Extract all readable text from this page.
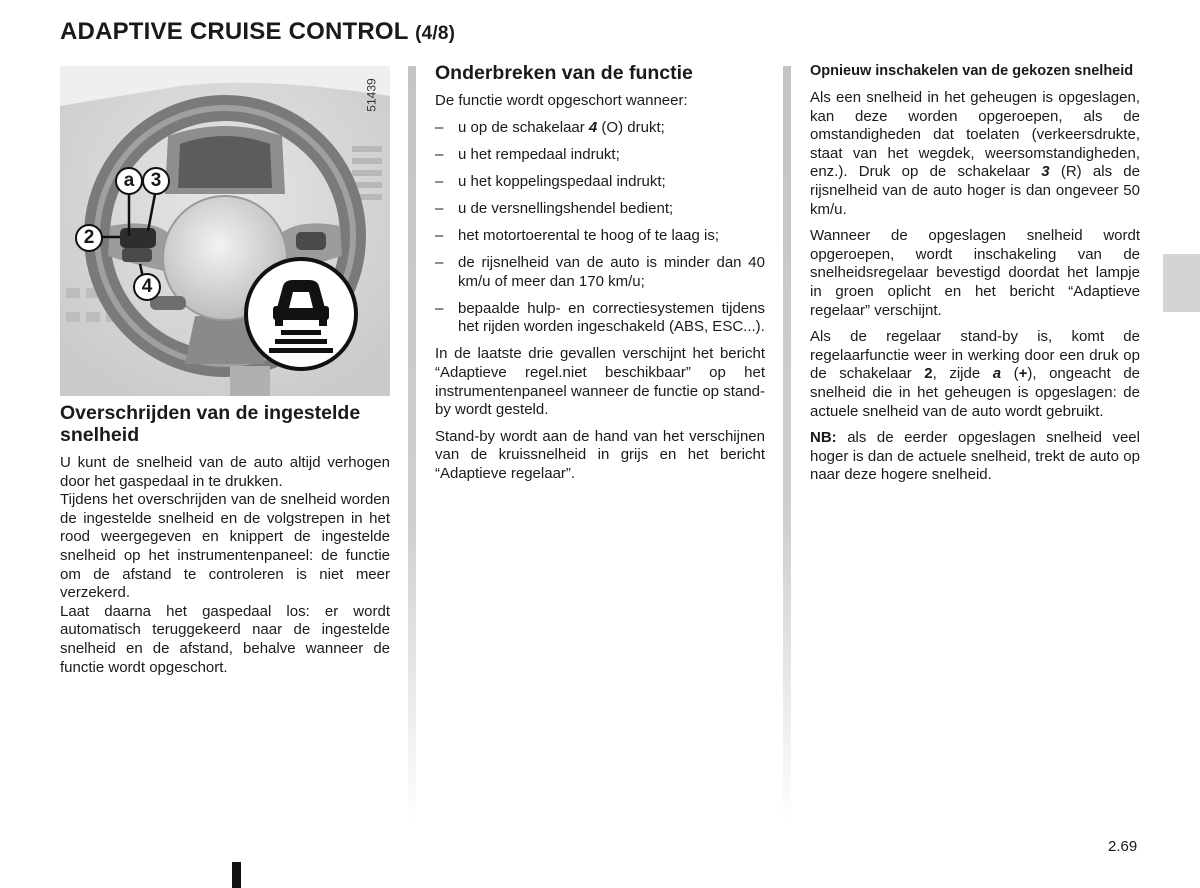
ADAPTIVE CRUISE CONTROL (4/8)
a 3
2
4
51439
Overschrijden van de ingestelde snelheid

U kunt de snelheid van de auto altijd verhogen door het gaspedaal in te drukken.

Tijdens het overschrijden van de snelheid worden de ingestelde snelheid en de volgstrepen in het rood weergegeven en knippert de ingestelde snelheid op het instrumentenpaneel: de functie om de afstand te controleren is niet meer verzekerd.

Laat daarna het gaspedaal los: er wordt automatisch teruggekeerd naar de ingestelde snelheid en de afstand, behalve wanneer de functie wordt opgeschort.

Onderbreken van de functie

De functie wordt opgeschort wanneer:

– u op de schakelaar 4 (O) drukt;
– u het rempedaal indrukt;
– u het koppelingspedaal indrukt;
– u de versnellingshendel bedient;
– het motortoerental te hoog of te laag is;
– de rijsnelheid van de auto is minder dan 40 km/u of meer dan 170 km/u;
– bepaalde hulp- en correctiesystemen tijdens het rijden worden ingeschakeld (ABS, ESC...).

In de laatste drie gevallen verschijnt het bericht “Adaptieve regel.niet beschikbaar” op het instrumentenpaneel wanneer de functie op stand-by wordt gesteld.

Stand-by wordt aan de hand van het verschijnen van de kruissnelheid in grijs en het bericht “Adaptieve regelaar”.

Opnieuw inschakelen van de gekozen snelheid

Als een snelheid in het geheugen is opgeslagen, kan deze worden opgeroepen, als de omstandigheden dat toelaten (verkeersdrukte, staat van het wegdek, weersomstandigheden, enz.). Druk op de schakelaar 3 (R) als de rijsnelheid van de auto hoger is dan ongeveer 50 km/u.

Wanneer de opgeslagen snelheid wordt opgeroepen, wordt inschakeling van de snelheidsregelaar bevestigd doordat het lampje in groen oplicht en het bericht “Adaptieve regelaar” verschijnt.

Als de regelaar stand-by is, komt de regelaarfunctie weer in werking door een druk op de schakelaar 2, zijde a (+), ongeacht de snelheid die in het geheugen is opgeslagen: de actuele snelheid van de auto wordt gebruikt.

NB: als de eerder opgeslagen snelheid veel hoger is dan de actuele snelheid, trekt de auto op naar deze hogere snelheid.

2.69
